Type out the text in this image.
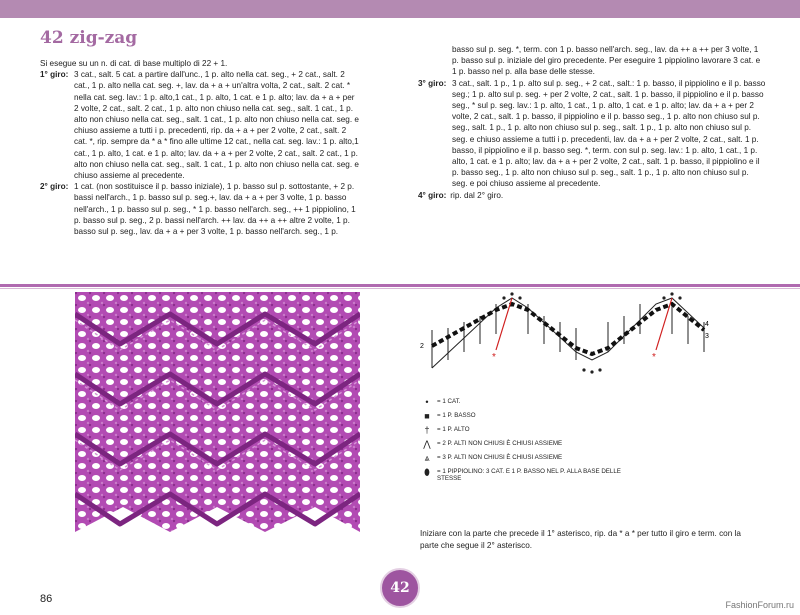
42 zig-zag

Si esegue su un n. di cat. di base multiplo di 22 + 1.

1° giro: 3 cat., salt. 5 cat. a partire dall'unc., 1 p. alto nella cat. seg., + 2 cat., salt. 2 cat., 1 p. alto nella cat. seg. +, lav. da + a + un'altra volta, 2 cat., salt. 2 cat. * nella cat. seg. lav.: 1 p. alto,1 cat., 1 p. alto, 1 cat. e 1 p. alto; lav. da + a + per 2 volte, 2 cat., salt. 2 cat., 1 p. alto non chiuso nella cat. seg., salt. 1 cat., 1 p. alto non chiuso nella cat. seg., salt. 1 cat., 1 p. alto non chiuso nella cat. seg. e chiuso assieme a tutti i p. precedenti, rip. da + a + per 2 volte, 2 cat., salt. 2 cat. *, rip. sempre da * a * fino alle ultime 12 cat., nella cat. seg. lav.: 1 p. alto,1 cat., 1 p. alto, 1 cat. e 1 p. alto; lav. da + a + per 2 volte, 2 cat., salt. 2 cat., 1 p. alto non chiuso nella cat. seg., salt. 1 cat., 1 p. alto non chiuso nella cat. seg. e chiuso assieme al precedente.
2° giro: 1 cat. (non sostituisce il p. basso iniziale), 1 p. basso sul p. sottostante, + 2 p. bassi nell'arch., 1 p. basso sul p. seg.+, lav. da + a + per 3 volte, 1 p. basso nell'arch., 1 p. basso sul p. seg., * 1 p. basso nell'arch. seg., ++ 1 pippiolino, 1 p. basso sul p. seg., 2 p. bassi nell'arch. ++ lav. da ++ a ++ altre 2 volte, 1 p. basso sul p. seg., lav. da + a + per 3 volte, 1 p. basso nell'arch. seg., 1 p.

basso sul p. seg. *, term. con 1 p. basso nell'arch. seg., lav. da ++ a ++ per 3 volte, 1 p. basso sul p. iniziale del giro precedente. Per eseguire 1 pippiolino lavorare 3 cat. e 1 p. basso nel p. alla base delle stesse.

3° giro: 3 cat., salt. 1 p., 1 p. alto sul p. seg., + 2 cat., salt.: 1 p. basso, il pippiolino e il p. basso seg.; 1 p. alto sul p. seg. + per 2 volte, 2 cat., salt. 1 p. basso, il pippiolino e il p. basso seg., * sul p. seg. lav.: 1 p. alto, 1 cat., 1 p. alto, 1 cat. e 1 p. alto; lav. da + a + per 2 volte, 2 cat., salt. 1 p. basso, il pippiolino e il p. basso seg., 1 p. alto non chiuso sul p. seg., salt. 1 p., 1 p. alto non chiuso sul p. seg., salt. 1 p., 1 p. alto non chiuso sul p. seg. e chiuso assieme a tutti i p. precedenti, lav. da + a + per 2 volte, 2 cat., salt. 1 p. basso, il pippiolino e il p. basso seg. *, term. con sul p. seg. lav.: 1 p. alto, 1 cat., 1 p. alto, 1 cat. e 1 p. alto; lav. da + a + per 2 volte, 2 cat., salt. 1 p. basso, il pippiolino e il p. basso seg., 1 p. alto non chiuso sul p. seg., salt. 1 p., 1 p. alto non chiuso sul p. seg. e poi chiuso assieme al precedente.
4° giro: rip. dal 2° giro.
*	*
2
3
4
•	= 1 CAT.
■	= 1 P. BASSO
†	= 1 P. ALTO
⋀	= 2 P. ALTI NON CHIUSI È CHIUSI ASSIEME
⩓	= 3 P. ALTI NON CHIUSI È CHIUSI ASSIEME
⬮	= 1 PIPPIOLINO: 3 CAT. E 1 P. BASSO NEL P. ALLA BASE DELLE STESSE

Iniziare con la parte che precede il 1° asterisco, rip. da * a * per tutto il giro e term. con la parte che segue il 2° asterisco.

86

42

FashionForum.ru
